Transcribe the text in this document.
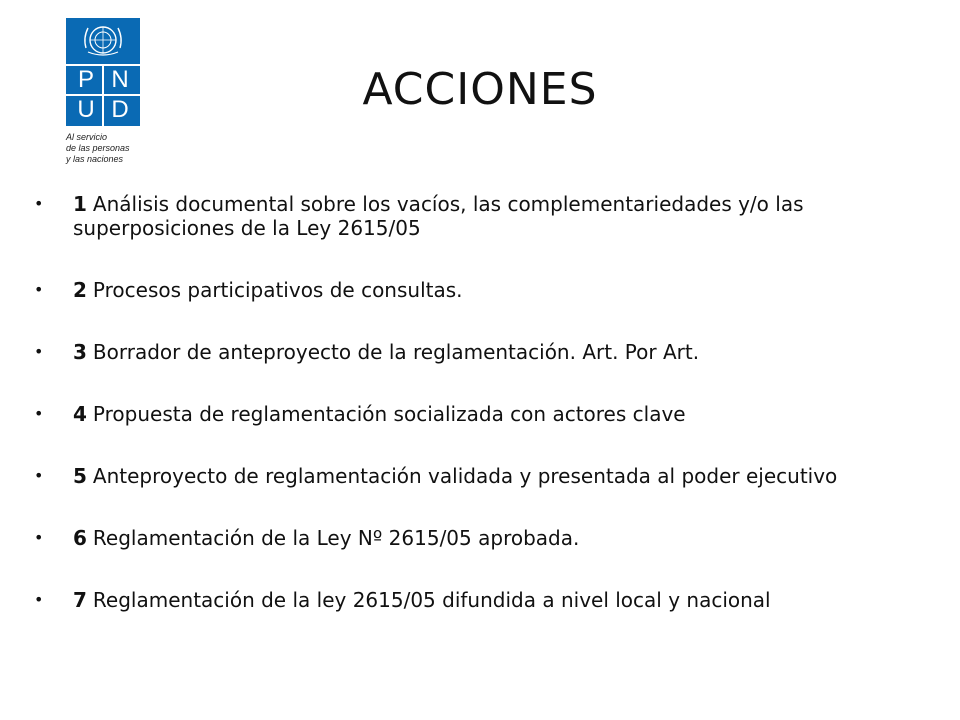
P N
U D
Al servicio
de las personas
y las naciones
ACCIONES
• 1 Análisis documental sobre los vacíos, las complementariedades y/o las superposiciones de la Ley 2615/05
• 2 Procesos participativos de consultas.
• 3 Borrador de anteproyecto de la reglamentación. Art. Por Art.
• 4 Propuesta de reglamentación socializada con actores clave
• 5 Anteproyecto de reglamentación validada y presentada al poder ejecutivo
• 6 Reglamentación de la Ley Nº 2615/05 aprobada.
• 7 Reglamentación de la ley 2615/05 difundida a nivel local y nacional
